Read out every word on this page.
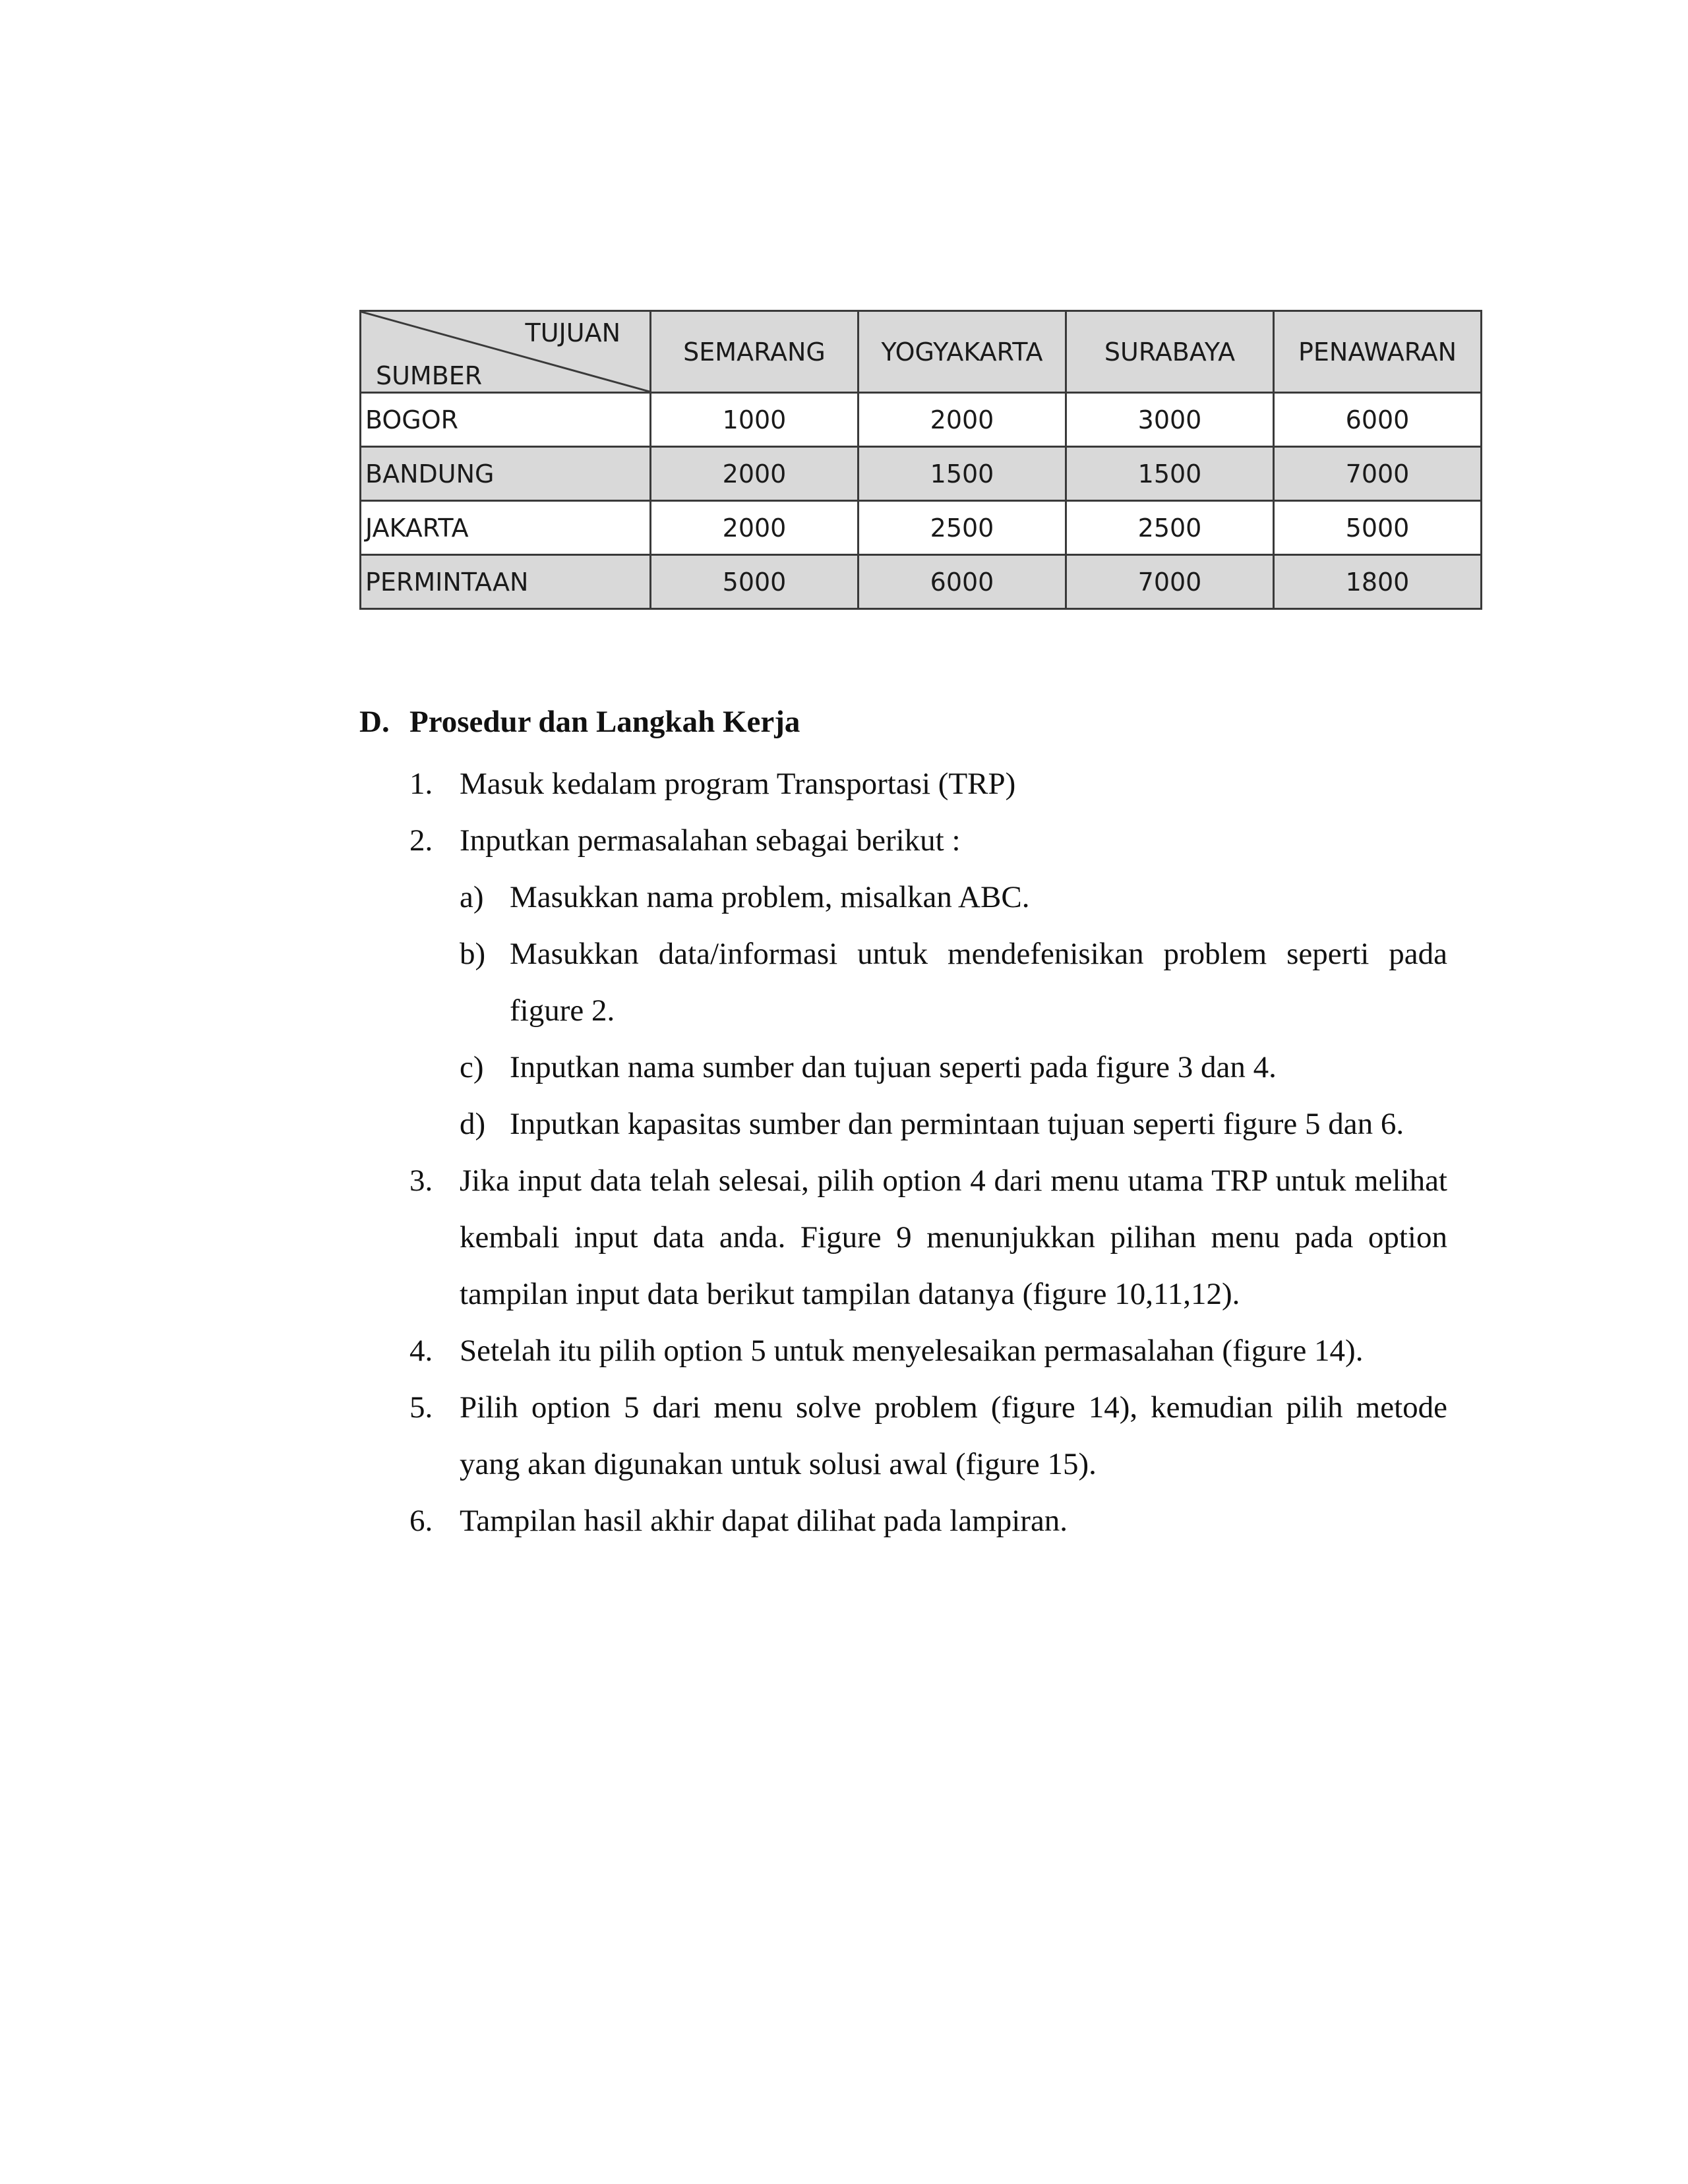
TUJUAN
SUMBER	SEMARANG	YOGYAKARTA	SURABAYA	PENAWARAN
BOGOR	1000	2000	3000	6000
BANDUNG	2000	1500	1500	7000
JAKARTA	2000	2500	2500	5000
PERMINTAAN	5000	6000	7000	1800
D. Prosedur dan Langkah Kerja
1. Masuk kedalam program Transportasi (TRP)
2. Inputkan permasalahan sebagai berikut :
a) Masukkan nama problem, misalkan ABC.
b) Masukkan data/informasi untuk mendefenisikan problem seperti pada figure 2.
c) Inputkan nama sumber dan tujuan seperti pada figure 3 dan 4.
d) Inputkan kapasitas sumber dan permintaan tujuan seperti figure 5 dan 6.
3. Jika input data telah selesai, pilih option 4 dari menu utama TRP untuk melihat kembali input data anda. Figure 9 menunjukkan pilihan menu pada option tampilan input data berikut tampilan datanya (figure 10,11,12).
4. Setelah itu pilih option 5 untuk menyelesaikan permasalahan (figure 14).
5. Pilih option 5 dari menu solve problem (figure 14), kemudian pilih metode yang akan digunakan untuk solusi awal (figure 15).
6. Tampilan hasil akhir dapat dilihat pada lampiran.
